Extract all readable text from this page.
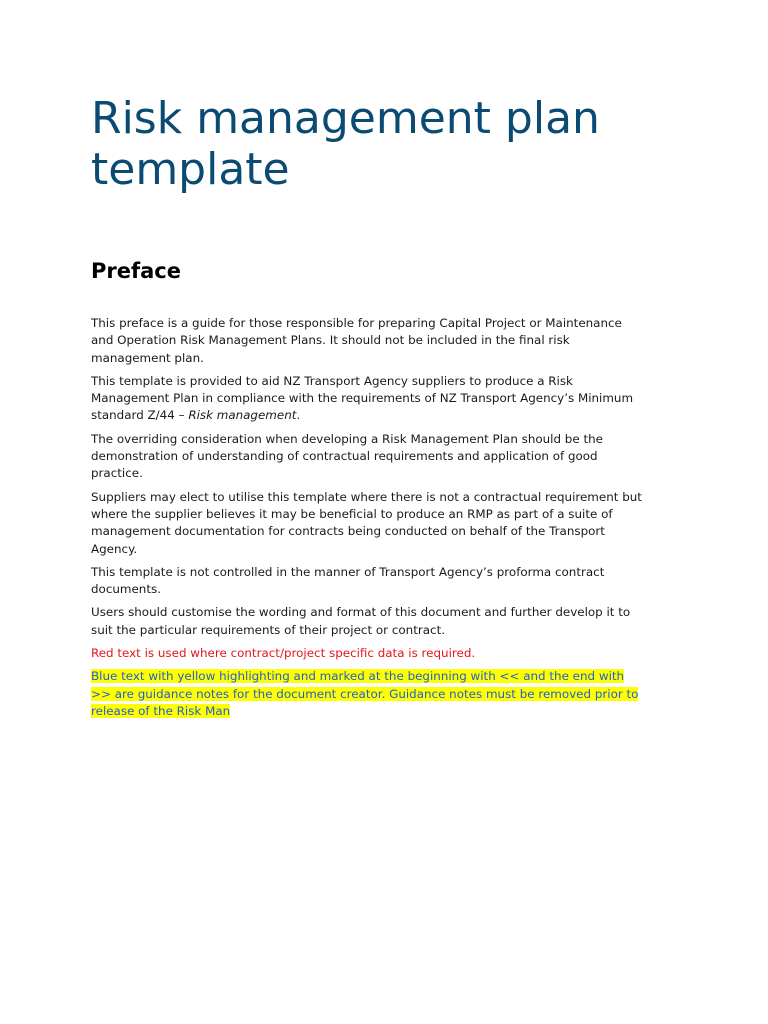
Risk management plan
template
Preface

This preface is a guide for those responsible for preparing Capital Project or Maintenance
and Operation Risk Management Plans. It should not be included in the final risk
management plan.

This template is provided to aid NZ Transport Agency suppliers to produce a Risk
Management Plan in compliance with the requirements of NZ Transport Agency’s Minimum
standard Z/44 – Risk management.

The overriding consideration when developing a Risk Management Plan should be the
demonstration of understanding of contractual requirements and application of good
practice.

Suppliers may elect to utilise this template where there is not a contractual requirement but
where the supplier believes it may be beneficial to produce an RMP as part of a suite of
management documentation for contracts being conducted on behalf of the Transport
Agency.

This template is not controlled in the manner of Transport Agency’s proforma contract
documents.

Users should customise the wording and format of this document and further develop it to
suit the particular requirements of their project or contract.

Red text is used where contract/project specific data is required.

Blue text with yellow highlighting and marked at the beginning with << and the end with
>> are guidance notes for the document creator. Guidance notes must be removed prior to
release of the Risk Man
